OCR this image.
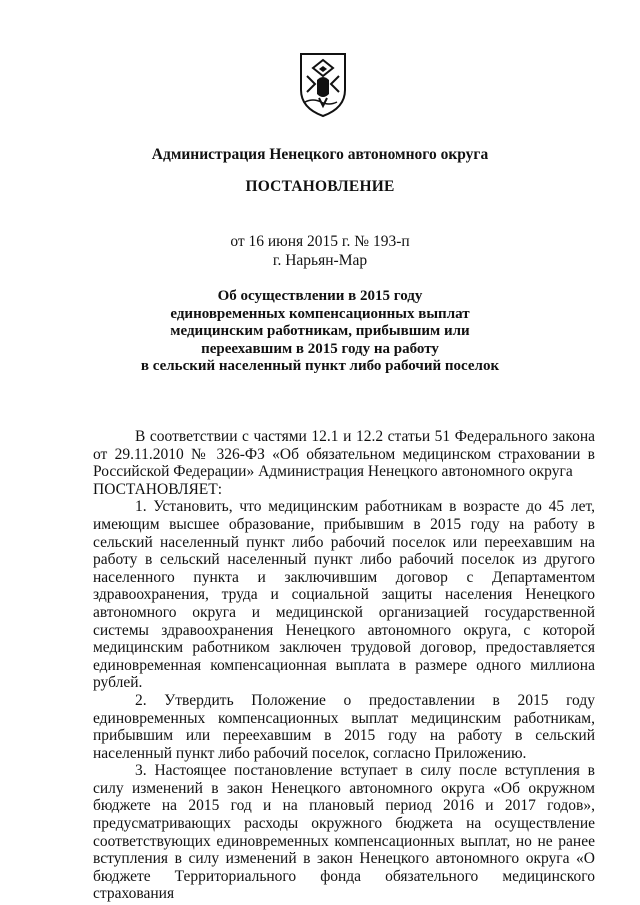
Администрация Ненецкого автономного округа
ПОСТАНОВЛЕНИЕ
от 16 июня 2015 г. № 193-п
г. Нарьян-Мар
Об осуществлении в 2015 году
единовременных компенсационных выплат
медицинским работникам, прибывшим или
переехавшим в 2015 году на работу
в сельский населенный пункт либо рабочий поселок

В соответствии с частями 12.1 и 12.2 статьи 51 Федерального закона от 29.11.2010 № 326-ФЗ «Об обязательном медицинском страховании в Российской Федерации» Администрация Ненецкого автономного округа

ПОСТАНОВЛЯЕТ:

1. Установить, что медицинским работникам в возрасте до 45 лет, имеющим высшее образование, прибывшим в 2015 году на работу в сельский населенный пункт либо рабочий поселок или переехавшим на работу в сельский населенный пункт либо рабочий поселок из другого населенного пункта и заключившим договор с Департаментом здравоохранения, труда и социальной защиты населения Ненецкого автономного округа и медицинской организацией государственной системы здравоохранения Ненецкого автономного округа, с которой медицинским работником заключен трудовой договор, предоставляется единовременная компенсационная выплата в размере одного миллиона рублей.

2. Утвердить Положение о предоставлении в 2015 году единовременных компенсационных выплат медицинским работникам, прибывшим или переехавшим в 2015 году на работу в сельский населенный пункт либо рабочий поселок, согласно Приложению.

3. Настоящее постановление вступает в силу после вступления в силу изменений в закон Ненецкого автономного округа «Об окружном бюджете на 2015 год и на плановый период 2016 и 2017 годов», предусматривающих расходы окружного бюджета на осуществление соответствующих единовременных компенсационных выплат, но не ранее вступления в силу изменений в закон Ненецкого автономного округа «О бюджете Территориального фонда обязательного медицинского страхования
